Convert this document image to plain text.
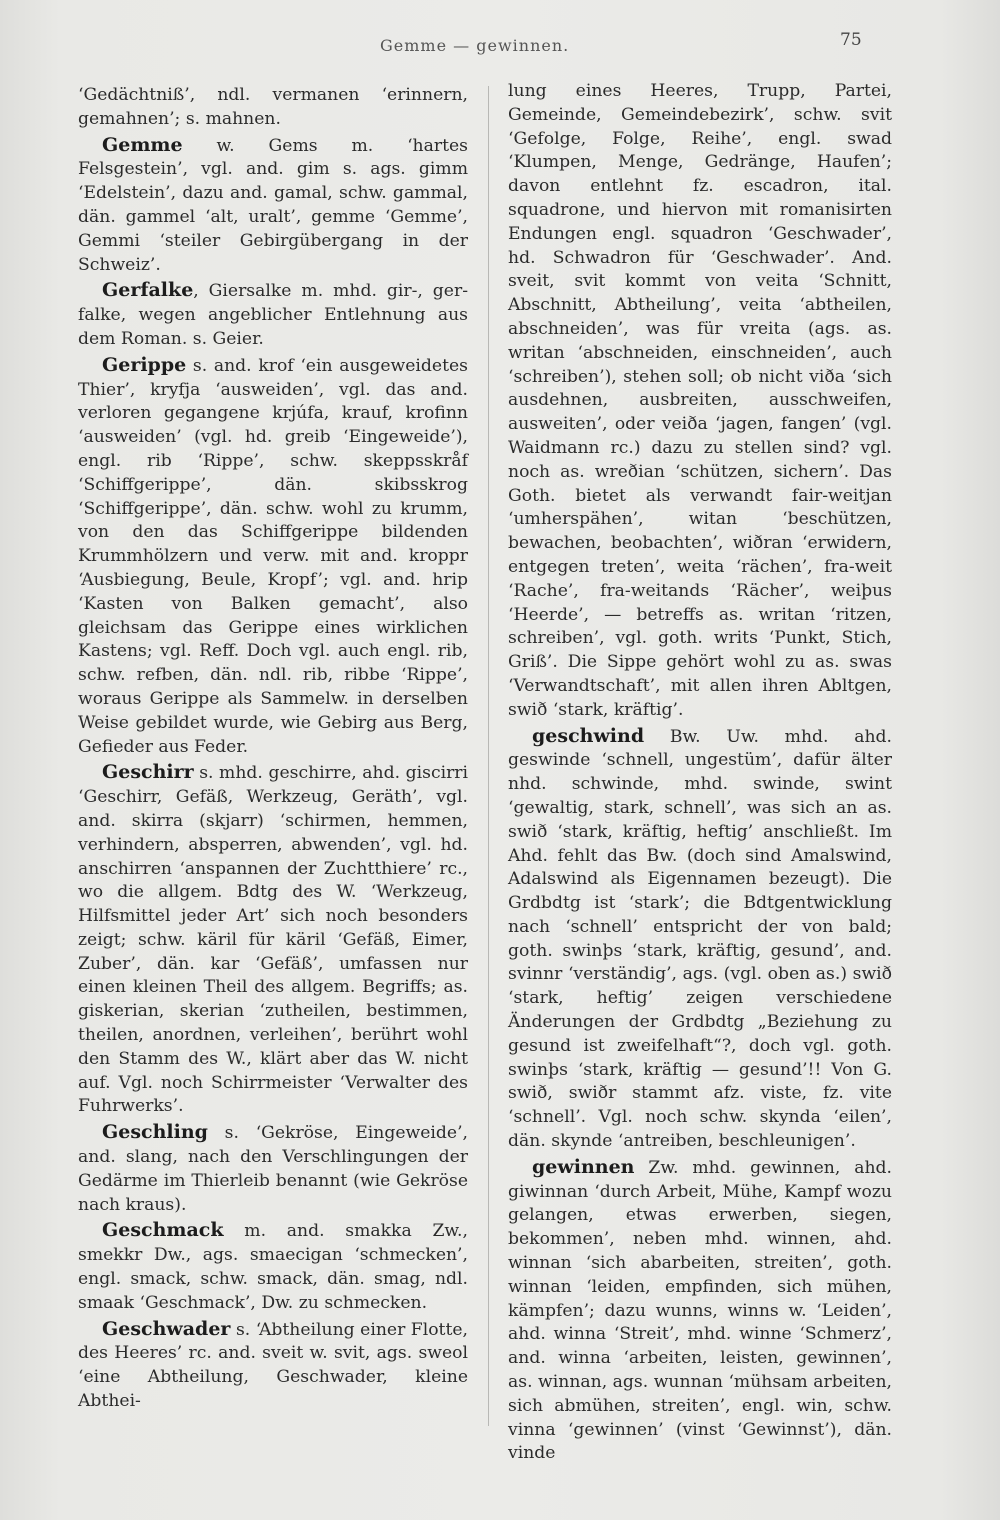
Gemme — gewinnen.	75

‘Gedächtniß’, ndl. vermanen ‘erinnern, gemahnen’; s. mahnen.

Gemme w. Gems m. ‘hartes Felsgestein’, vgl. and. gim s. ags. gimm ‘Edelstein’, dazu and. gamal, schw. gammal, dän. gammel ‘alt, uralt’, gemme ‘Gemme’, Gemmi ‘steiler Gebirgübergang in der Schweiz’.

Gerfalke, Giersalke m. mhd. gir-, ger-falke, wegen angeblicher Entlehnung aus dem Roman. s. Geier.

Gerippe s. and. krof ‘ein ausgeweidetes Thier’, kryfja ‘ausweiden’, vgl. das and. verloren gegangene krjúfa, krauf, krofinn ‘ausweiden’ (vgl. hd. greib ‘Eingeweide’), engl. rib ‘Rippe’, schw. skeppsskråf ‘Schiffgerippe’, dän. skibsskrog ‘Schiffgerippe’, dän. schw. wohl zu krumm, von den das Schiffgerippe bildenden Krummhölzern und verw. mit and. kroppr ‘Ausbiegung, Beule, Kropf’; vgl. and. hrip ‘Kasten von Balken gemacht’, also gleichsam das Gerippe eines wirklichen Kastens; vgl. Reff. Doch vgl. auch engl. rib, schw. refben, dän. ndl. rib, ribbe ‘Rippe’, woraus Gerippe als Sammelw. in derselben Weise gebildet wurde, wie Gebirg aus Berg, Gefieder aus Feder.

Geschirr s. mhd. geschirre, ahd. giscirri ‘Geschirr, Gefäß, Werkzeug, Geräth’, vgl. and. skirra (skjarr) ‘schirmen, hemmen, verhindern, absperren, abwenden’, vgl. hd. anschirren ‘anspannen der Zuchtthiere’ rc., wo die allgem. Bdtg des W. ‘Werkzeug, Hilfsmittel jeder Art’ sich noch besonders zeigt; schw. käril für käril ‘Gefäß, Eimer, Zuber’, dän. kar ‘Gefäß’, umfassen nur einen kleinen Theil des allgem. Begriffs; as. giskerian, skerian ‘zutheilen, bestimmen, theilen, anordnen, verleihen’, berührt wohl den Stamm des W., klärt aber das W. nicht auf. Vgl. noch Schirrmeister ‘Verwalter des Fuhrwerks’.

Geschling s. ‘Gekröse, Eingeweide’, and. slang, nach den Verschlingungen der Gedärme im Thierleib benannt (wie Gekröse nach kraus).

Geschmack m. and. smakka Zw., smekkr Dw., ags. smaecigan ‘schmecken’, engl. smack, schw. smack, dän. smag, ndl. smaak ‘Geschmack’, Dw. zu schmecken.

Geschwader s. ‘Abtheilung einer Flotte, des Heeres’ rc. and. sveit w. svit, ags. sweol ‘eine Abtheilung, Geschwader, kleine Abthei-

lung eines Heeres, Trupp, Partei, Gemeinde, Gemeindebezirk’, schw. svit ‘Gefolge, Folge, Reihe’, engl. swad ‘Klumpen, Menge, Gedränge, Haufen’; davon entlehnt fz. escadron, ital. squadrone, und hiervon mit romanisirten Endungen engl. squadron ‘Geschwader’, hd. Schwadron für ‘Geschwader’. And. sveit, svit kommt von veita ‘Schnitt, Abschnitt, Abtheilung’, veita ‘abtheilen, abschneiden’, was für vreita (ags. as. writan ‘abschneiden, einschneiden’, auch ‘schreiben’), stehen soll; ob nicht viða ‘sich ausdehnen, ausbreiten, ausschweifen, ausweiten’, oder veiða ‘jagen, fangen’ (vgl. Waidmann rc.) dazu zu stellen sind? vgl. noch as. wreðian ‘schützen, sichern’. Das Goth. bietet als verwandt fair-weitjan ‘umherspähen’, witan ‘beschützen, bewachen, beobachten’, wiðran ‘erwidern, entgegen treten’, weita ‘rächen’, fra-weit ‘Rache’, fra-weitands ‘Rächer’, weiþus ‘Heerde’, — betreffs as. writan ‘ritzen, schreiben’, vgl. goth. writs ‘Punkt, Stich, Griß’. Die Sippe gehört wohl zu as. swas ‘Verwandtschaft’, mit allen ihren Abltgen, swið ‘stark, kräftig’.

geschwind Bw. Uw. mhd. ahd. geswinde ‘schnell, ungestüm’, dafür älter nhd. schwinde, mhd. swinde, swint ‘gewaltig, stark, schnell’, was sich an as. swið ‘stark, kräftig, heftig’ anschließt. Im Ahd. fehlt das Bw. (doch sind Amalswind, Adalswind als Eigennamen bezeugt). Die Grdbdtg ist ‘stark’; die Bdtgentwicklung nach ‘schnell’ entspricht der von bald; goth. swinþs ‘stark, kräftig, gesund’, and. svinnr ‘verständig’, ags. (vgl. oben as.) swið ‘stark, heftig’ zeigen verschiedene Änderungen der Grdbdtg „Beziehung zu gesund ist zweifelhaft“?, doch vgl. goth. swinþs ‘stark, kräftig — gesund’!! Von G. swið, swiðr stammt afz. viste, fz. vite ‘schnell’. Vgl. noch schw. skynda ‘eilen’, dän. skynde ‘antreiben, beschleunigen’.

gewinnen Zw. mhd. gewinnen, ahd. giwinnan ‘durch Arbeit, Mühe, Kampf wozu gelangen, etwas erwerben, siegen, bekommen’, neben mhd. winnen, ahd. winnan ‘sich abarbeiten, streiten’, goth. winnan ‘leiden, empfinden, sich mühen, kämpfen’; dazu wunns, winns w. ‘Leiden’, ahd. winna ‘Streit’, mhd. winne ‘Schmerz’, and. winna ‘arbeiten, leisten, gewinnen’, as. winnan, ags. wunnan ‘mühsam arbeiten, sich abmühen, streiten’, engl. win, schw. vinna ‘gewinnen’ (vinst ‘Gewinnst’), dän. vinde
